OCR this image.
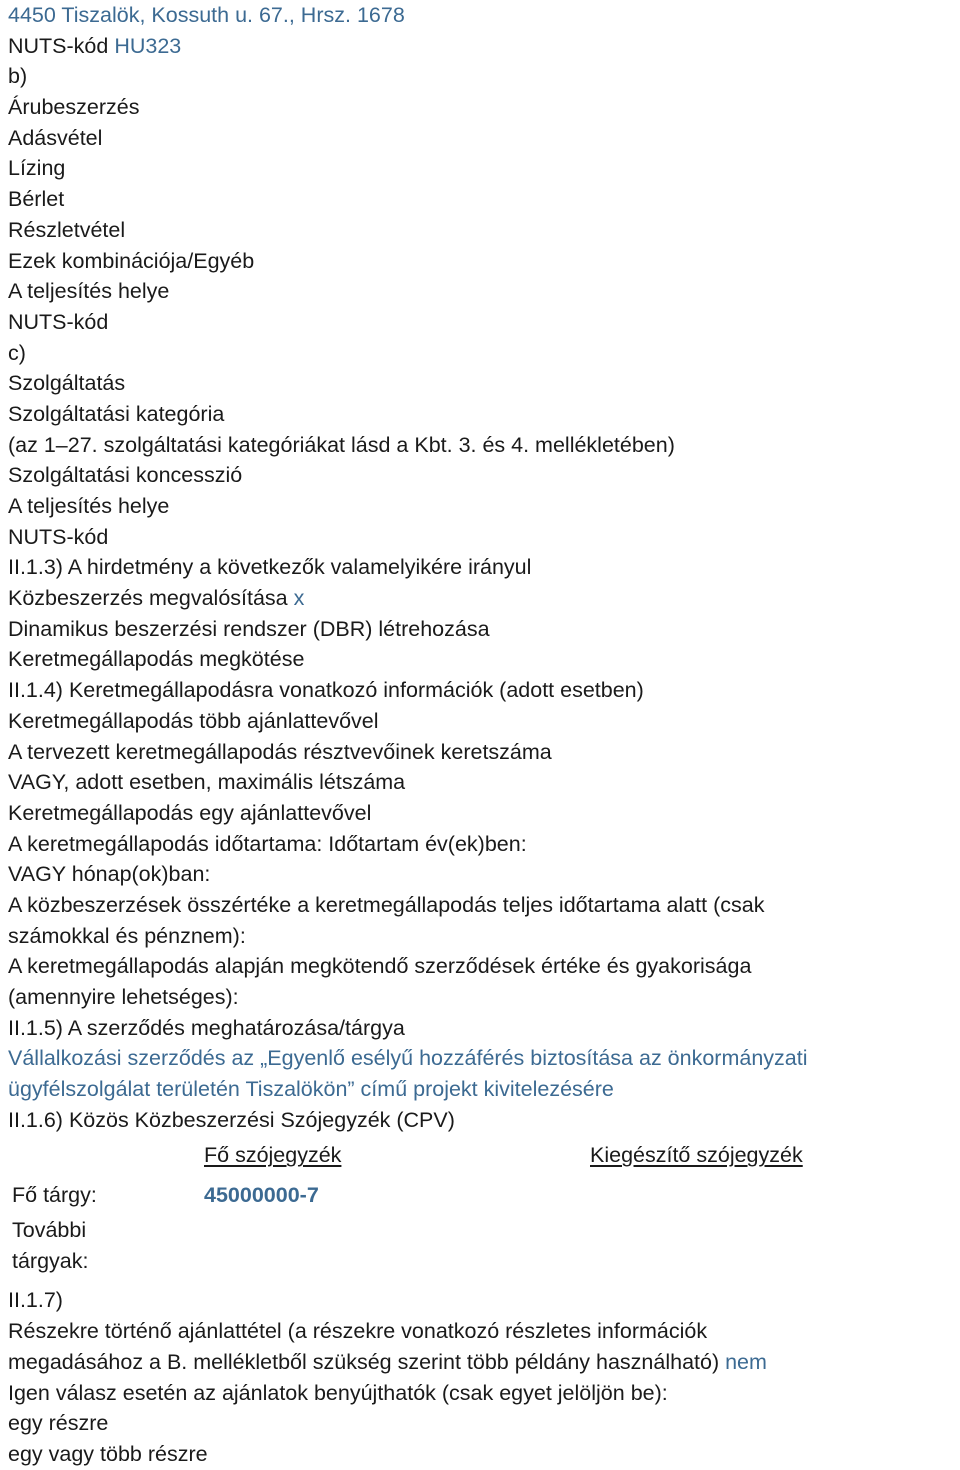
4450 Tiszalök, Kossuth u. 67., Hrsz. 1678
NUTS-kód HU323
b)
Árubeszerzés
Adásvétel
Lízing
Bérlet
Részletvétel
Ezek kombinációja/Egyéb
A teljesítés helye
NUTS-kód
c)
Szolgáltatás
Szolgáltatási kategória
(az 1–27. szolgáltatási kategóriákat lásd a Kbt. 3. és 4. mellékletében)
Szolgáltatási koncesszió
A teljesítés helye
NUTS-kód
II.1.3) A hirdetmény a következők valamelyikére irányul
Közbeszerzés megvalósítása x
Dinamikus beszerzési rendszer (DBR) létrehozása
Keretmegállapodás megkötése
II.1.4) Keretmegállapodásra vonatkozó információk (adott esetben)
Keretmegállapodás több ajánlattevővel
A tervezett keretmegállapodás résztvevőinek keretszáma
VAGY, adott esetben, maximális létszáma
Keretmegállapodás egy ajánlattevővel
A keretmegállapodás időtartama: Időtartam év(ek)ben:
VAGY hónap(ok)ban:
A közbeszerzések összértéke a keretmegállapodás teljes időtartama alatt (csak
számokkal és pénznem):
A keretmegállapodás alapján megkötendő szerződések értéke és gyakorisága
(amennyire lehetséges):
II.1.5) A szerződés meghatározása/tárgya
Vállalkozási szerződés az „Egyenlő esélyű hozzáférés biztosítása az önkormányzati
ügyfélszolgálat területén Tiszalökön” című projekt kivitelezésére
II.1.6) Közös Közbeszerzési Szójegyzék (CPV)
Fő szójegyzék	Kiegészítő szójegyzék
Fő tárgy:	45000000-7
További tárgyak:
II.1.7)
Részekre történő ajánlattétel (a részekre vonatkozó részletes információk
megadásához a B. mellékletből szükség szerint több példány használható) nem
Igen válasz esetén az ajánlatok benyújthatók (csak egyet jelöljön be):
egy részre
egy vagy több részre
